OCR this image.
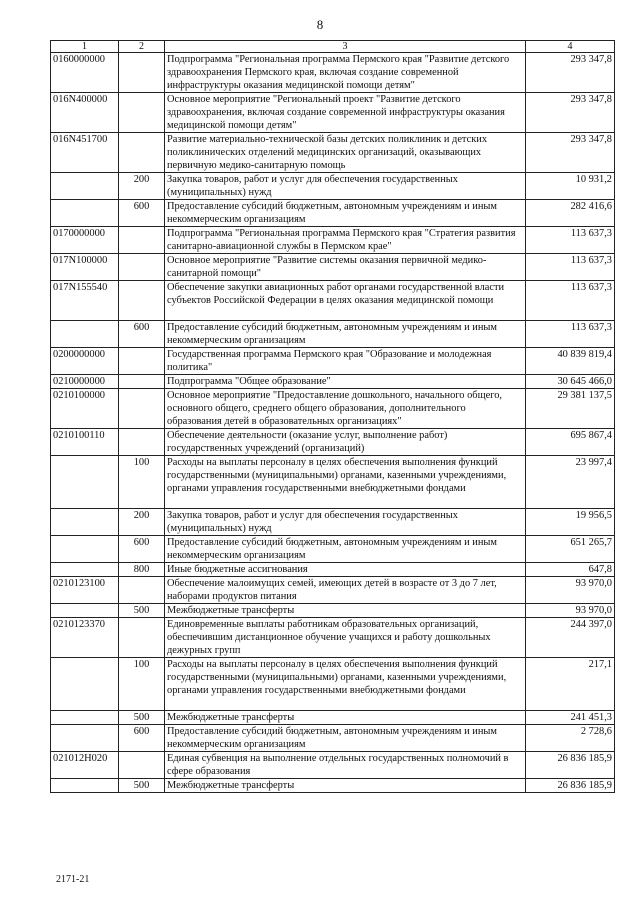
8
1	2	3	4
0160000000		Подпрограмма "Региональная программа Пермского края "Развитие детского здравоохранения Пермского края, включая создание современной инфраструктуры оказания медицинской помощи детям"	293 347,8
016N400000		Основное мероприятие "Региональный проект "Развитие детского здравоохранения, включая создание современной инфраструктуры оказания медицинской помощи детям"	293 347,8
016N451700		Развитие материально-технической базы детских поликлиник и детских поликлинических отделений медицинских организаций, оказывающих первичную медико-санитарную помощь	293 347,8
	200	Закупка товаров, работ и услуг для обеспечения государственных (муниципальных) нужд	10 931,2
	600	Предоставление субсидий бюджетным, автономным учреждениям и иным некоммерческим организациям	282 416,6
0170000000		Подпрограмма "Региональная программа Пермского края "Стратегия развития санитарно-авиационной службы в Пермском крае"	113 637,3
017N100000		Основное мероприятие "Развитие системы оказания первичной медико-санитарной помощи"	113 637,3
017N155540		Обеспечение закупки авиационных работ органами государственной власти субъектов Российской Федерации в целях оказания медицинской помощи	113 637,3
	600	Предоставление субсидий бюджетным, автономным учреждениям и иным некоммерческим организациям	113 637,3
0200000000		Государственная программа Пермского края "Образование и молодежная политика"	40 839 819,4
0210000000		Подпрограмма "Общее образование"	30 645 466,0
0210100000		Основное мероприятие "Предоставление дошкольного, начального общего, основного общего, среднего общего образования, дополнительного образования детей в образовательных организациях"	29 381 137,5
0210100110		Обеспечение деятельности (оказание услуг, выполнение работ) государственных учреждений (организаций)	695 867,4
	100	Расходы на выплаты персоналу в целях обеспечения выполнения функций государственными (муниципальными) органами, казенными учреждениями, органами управления государственными внебюджетными фондами	23 997,4
	200	Закупка товаров, работ и услуг для обеспечения государственных (муниципальных) нужд	19 956,5
	600	Предоставление субсидий бюджетным, автономным учреждениям и иным некоммерческим организациям	651 265,7
	800	Иные бюджетные ассигнования	647,8
0210123100		Обеспечение малоимущих семей, имеющих детей в возрасте от 3 до 7 лет, наборами продуктов питания	93 970,0
	500	Межбюджетные трансферты	93 970,0
0210123370		Единовременные выплаты работникам образовательных организаций, обеспечившим дистанционное обучение учащихся и работу дошкольных дежурных групп	244 397,0
	100	Расходы на выплаты персоналу в целях обеспечения выполнения функций государственными (муниципальными) органами, казенными учреждениями, органами управления государственными внебюджетными фондами	217,1
	500	Межбюджетные трансферты	241 451,3
	600	Предоставление субсидий бюджетным, автономным учреждениям и иным некоммерческим организациям	2 728,6
021012H020		Единая субвенция на выполнение отдельных государственных полномочий в сфере образования	26 836 185,9
	500	Межбюджетные трансферты	26 836 185,9
2171-21
